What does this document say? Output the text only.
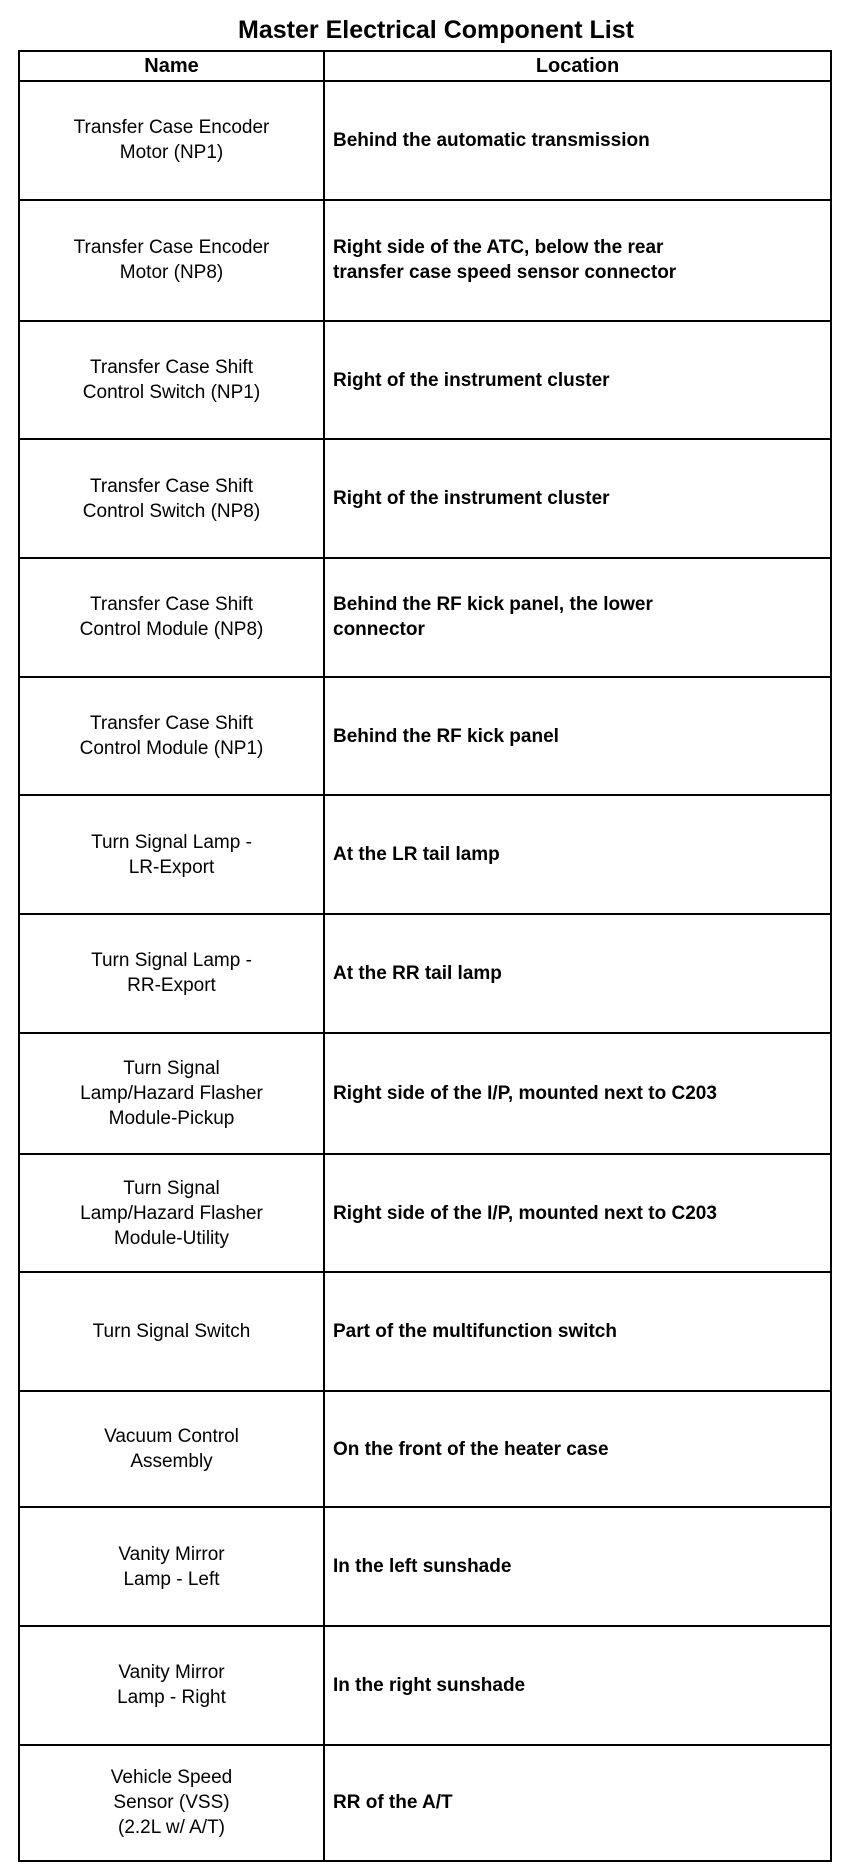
Master Electrical Component List
Name	Location
Transfer Case Encoder
Motor (NP1)	Behind the automatic transmission
Transfer Case Encoder
Motor (NP8)	Right side of the ATC, below the rear
transfer case speed sensor connector
Transfer Case Shift
Control Switch (NP1)	Right of the instrument cluster
Transfer Case Shift
Control Switch (NP8)	Right of the instrument cluster
Transfer Case Shift
Control Module (NP8)	Behind the RF kick panel, the lower
connector
Transfer Case Shift
Control Module (NP1)	Behind the RF kick panel
Turn Signal Lamp -
LR-Export	At the LR tail lamp
Turn Signal Lamp -
RR-Export	At the RR tail lamp
Turn Signal
Lamp/Hazard Flasher
Module-Pickup	Right side of the I/P, mounted next to C203
Turn Signal
Lamp/Hazard Flasher
Module-Utility	Right side of the I/P, mounted next to C203
Turn Signal Switch	Part of the multifunction switch
Vacuum Control
Assembly	On the front of the heater case
Vanity Mirror
Lamp - Left	In the left sunshade
Vanity Mirror
Lamp - Right	In the right sunshade
Vehicle Speed
Sensor (VSS)
(2.2L w/ A/T)	RR of the A/T
